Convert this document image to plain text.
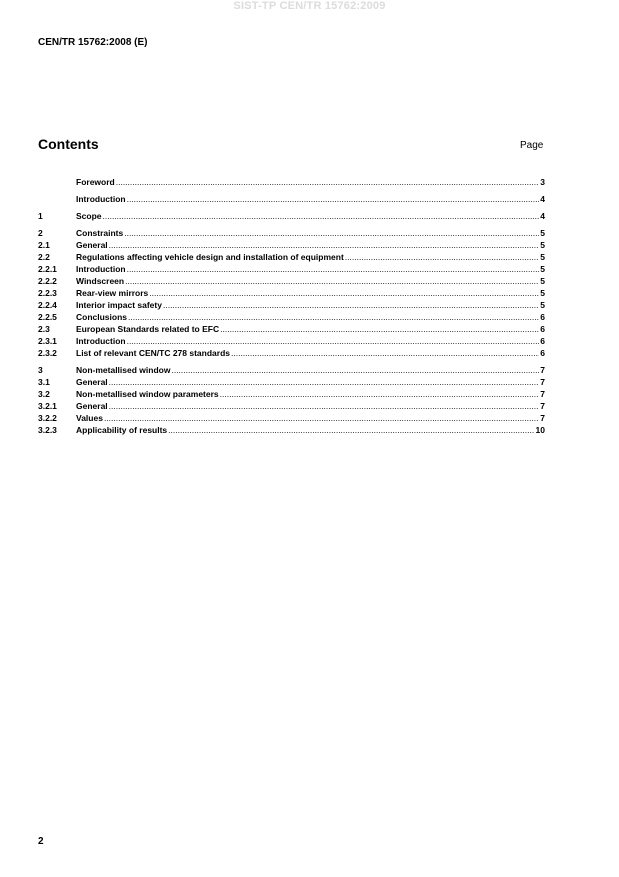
SIST-TP CEN/TR 15762:2009
CEN/TR 15762:2008 (E)
Contents	Page
Foreword .....	3
Introduction .....	4
1	Scope .....	4
2	Constraints .....	5
2.1	General .....	5
2.2	Regulations affecting vehicle design and installation of equipment .....	5
2.2.1	Introduction .....	5
2.2.2	Windscreen .....	5
2.2.3	Rear-view mirrors .....	5
2.2.4	Interior impact safety .....	5
2.2.5	Conclusions .....	6
2.3	European Standards related to EFC .....	6
2.3.1	Introduction .....	6
2.3.2	List of relevant CEN/TC 278 standards .....	6
3	Non-metallised window .....	7
3.1	General .....	7
3.2	Non-metallised window parameters .....	7
3.2.1	General .....	7
3.2.2	Values .....	7
3.2.3	Applicability of results .....	10
2
